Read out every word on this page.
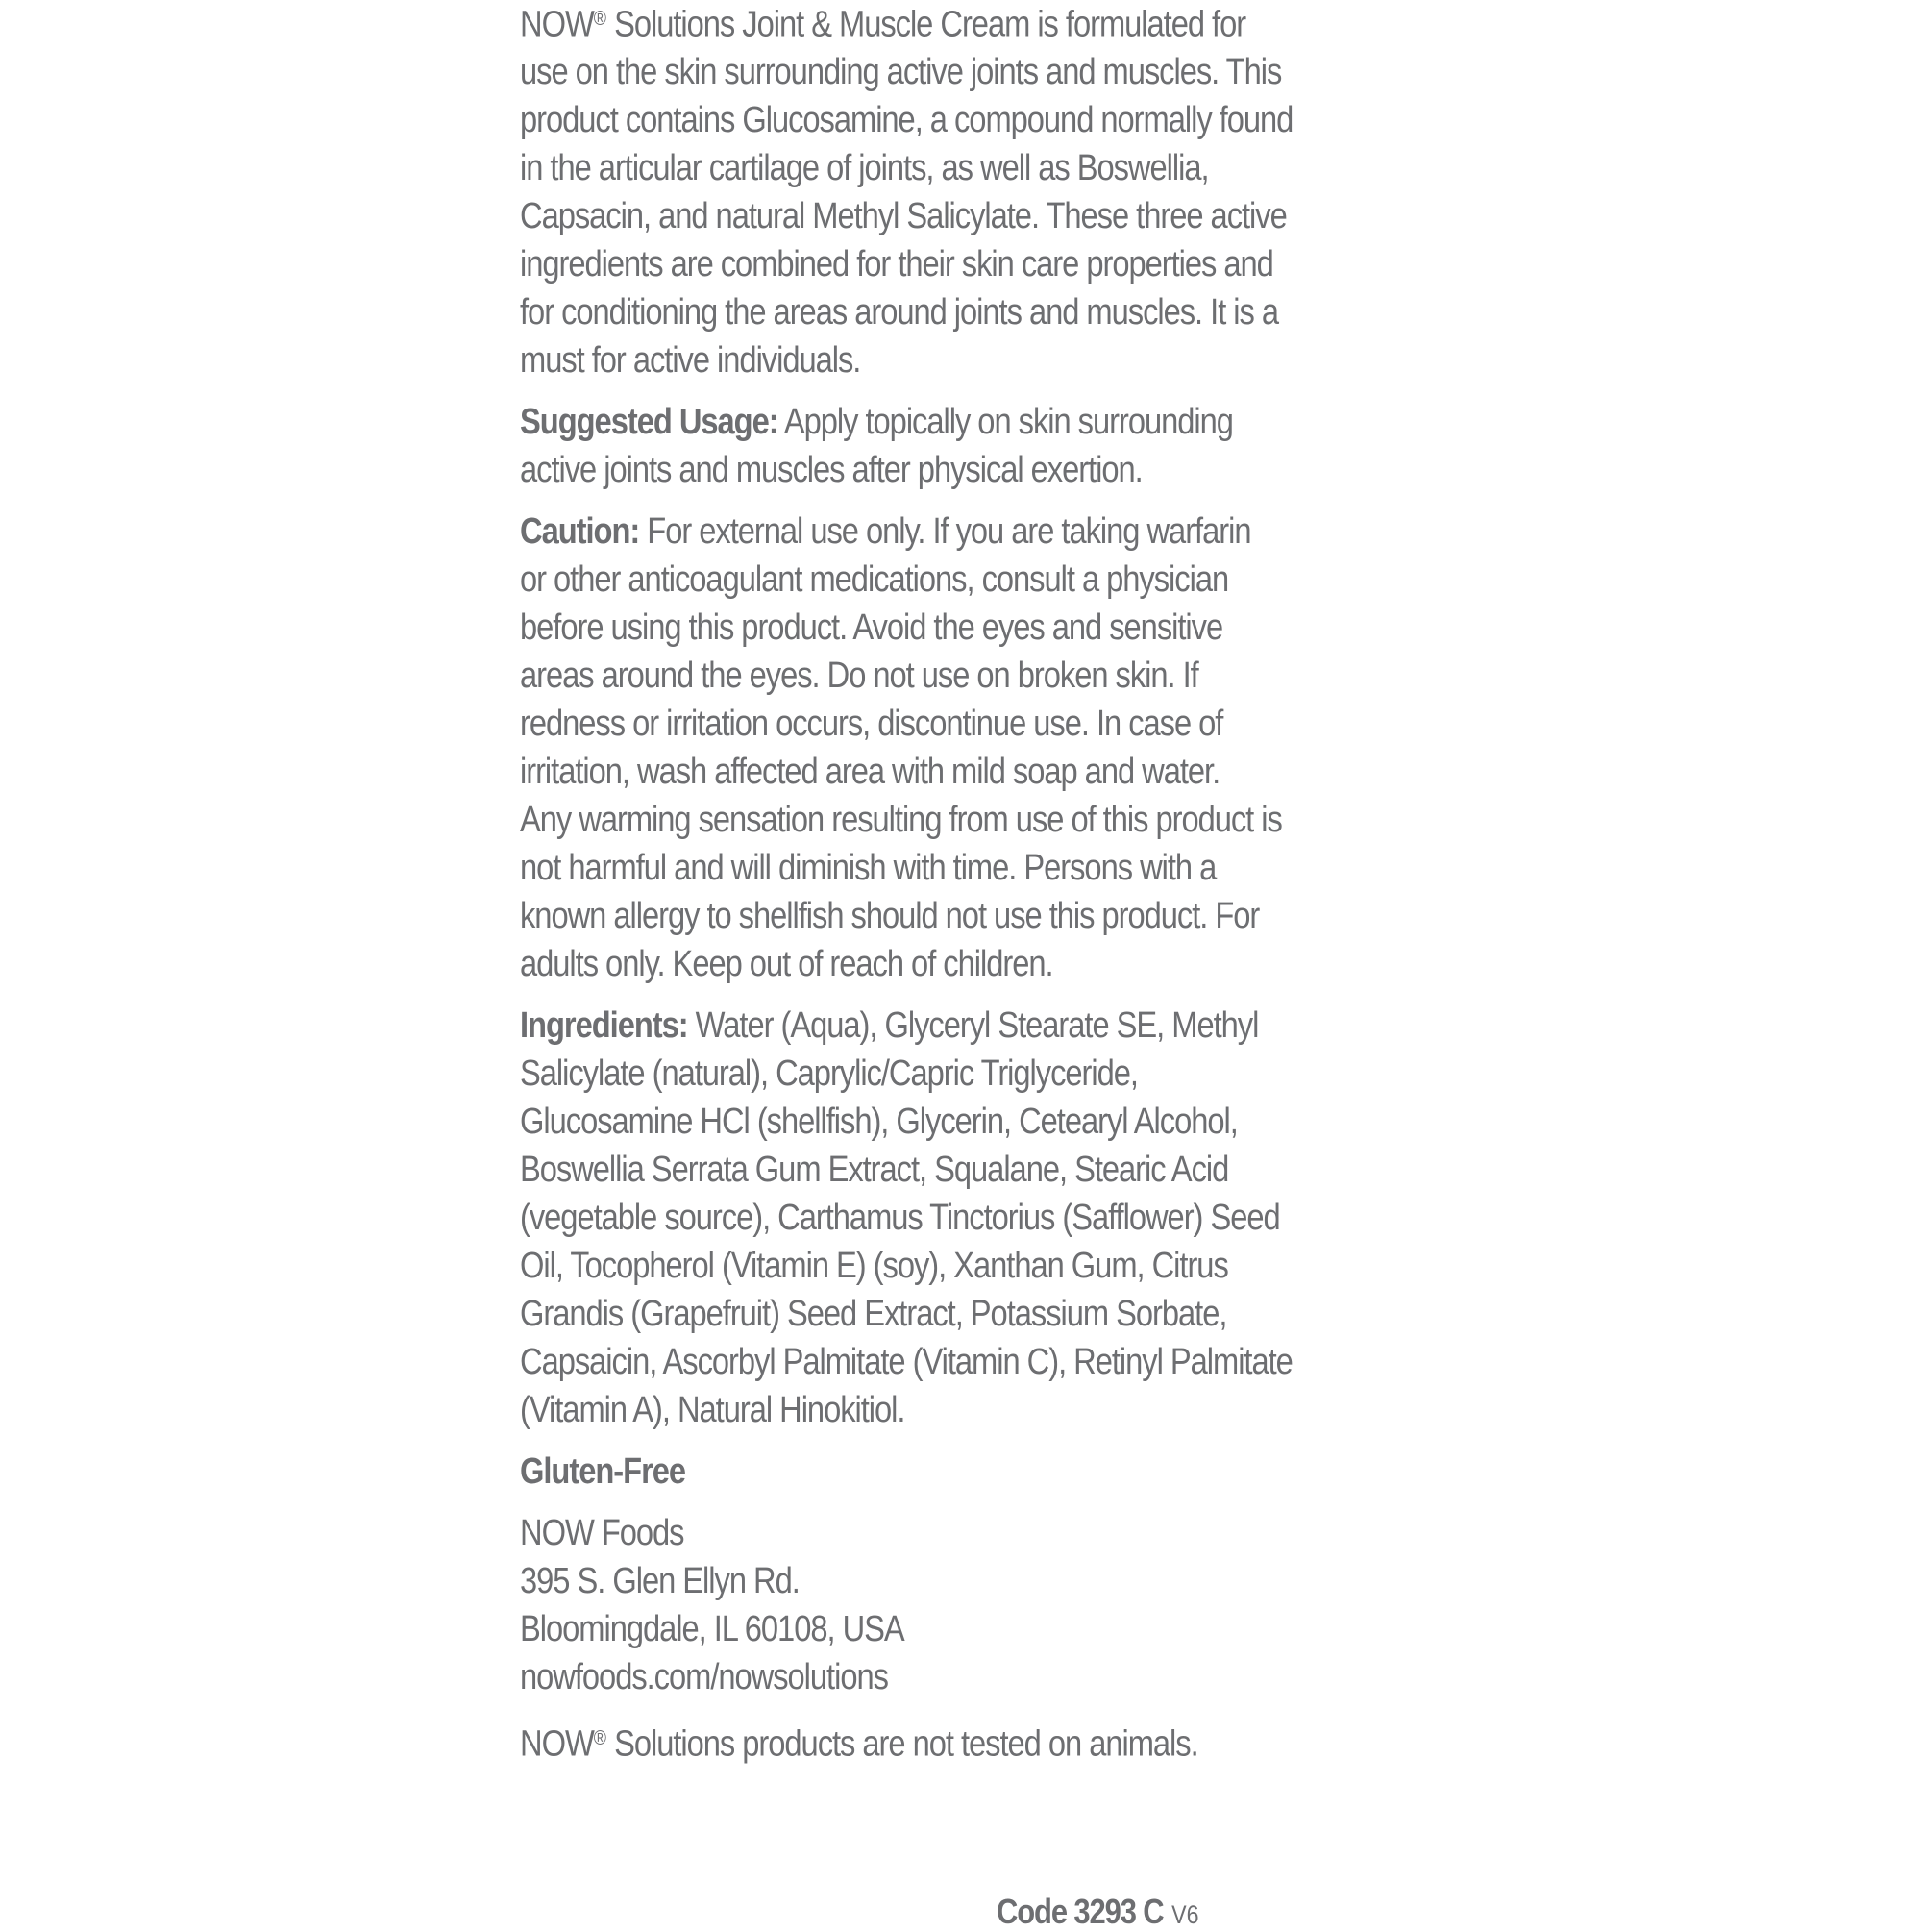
NOW® Solutions Joint & Muscle Cream is formulated for
use on the skin surrounding active joints and muscles. This
product contains Glucosamine, a compound normally found
in the articular cartilage of joints, as well as Boswellia,
Capsacin, and natural Methyl Salicylate. These three active
ingredients are combined for their skin care properties and
for conditioning the areas around joints and muscles. It is a
must for active individuals.

Suggested Usage: Apply topically on skin surrounding
active joints and muscles after physical exertion.

Caution: For external use only. If you are taking warfarin
or other anticoagulant medications, consult a physician
before using this product. Avoid the eyes and sensitive
areas around the eyes. Do not use on broken skin. If
redness or irritation occurs, discontinue use. In case of
irritation, wash affected area with mild soap and water.
Any warming sensation resulting from use of this product is
not harmful and will diminish with time. Persons with a
known allergy to shellfish should not use this product. For
adults only. Keep out of reach of children.

Ingredients: Water (Aqua), Glyceryl Stearate SE, Methyl
Salicylate (natural), Caprylic/Capric Triglyceride,
Glucosamine HCl (shellfish), Glycerin, Cetearyl Alcohol,
Boswellia Serrata Gum Extract, Squalane, Stearic Acid
(vegetable source), Carthamus Tinctorius (Safflower) Seed
Oil, Tocopherol (Vitamin E) (soy), Xanthan Gum, Citrus
Grandis (Grapefruit) Seed Extract, Potassium Sorbate,
Capsaicin, Ascorbyl Palmitate (Vitamin C), Retinyl Palmitate
(Vitamin A), Natural Hinokitiol.

Gluten-Free

NOW Foods
395 S. Glen Ellyn Rd.
Bloomingdale, IL 60108, USA
nowfoods.com/nowsolutions

NOW® Solutions products are not tested on animals.

Code 3293 C V6
